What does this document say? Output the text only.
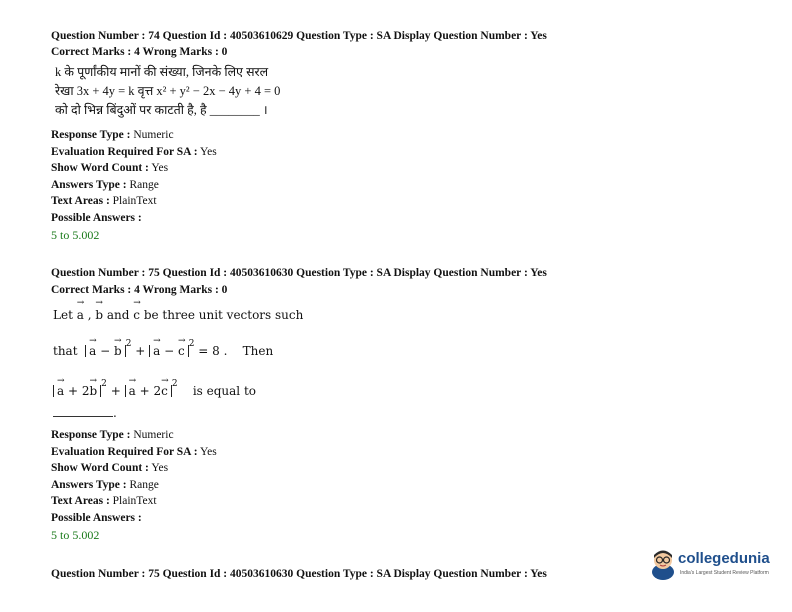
Question Number : 74 Question Id : 40503610629 Question Type : SA Display Question Number : Yes
Correct Marks : 4 Wrong Marks : 0
k के पूर्णांकीय मानों की संख्या, जिनके लिए सरल
रेखा 3x + 4y = k वृत्त x² + y² − 2x − 4y + 4 = 0
को दो भिन्न बिंदुओं पर काटती है, है ________ ।
Response Type : Numeric
Evaluation Required For SA : Yes
Show Word Count : Yes
Answers Type : Range
Text Areas : PlainText
Possible Answers :
5 to 5.002
Question Number : 75 Question Id : 40503610630 Question Type : SA Display Question Number : Yes
Correct Marks : 4 Wrong Marks : 0
Let → a , → b and → c be three unit vectors such
that → a − → b $^2$ + → a − → c $^2$ = 8 . Then
→ a + 2→ b $^2$ + → a + 2→ c $^2$ is equal to
.
Response Type : Numeric
Evaluation Required For SA : Yes
Show Word Count : Yes
Answers Type : Range
Text Areas : PlainText
Possible Answers :
5 to 5.002
Question Number : 75 Question Id : 40503610630 Question Type : SA Display Question Number : Yes
collegedunia
India's Largest Student Review Platform
